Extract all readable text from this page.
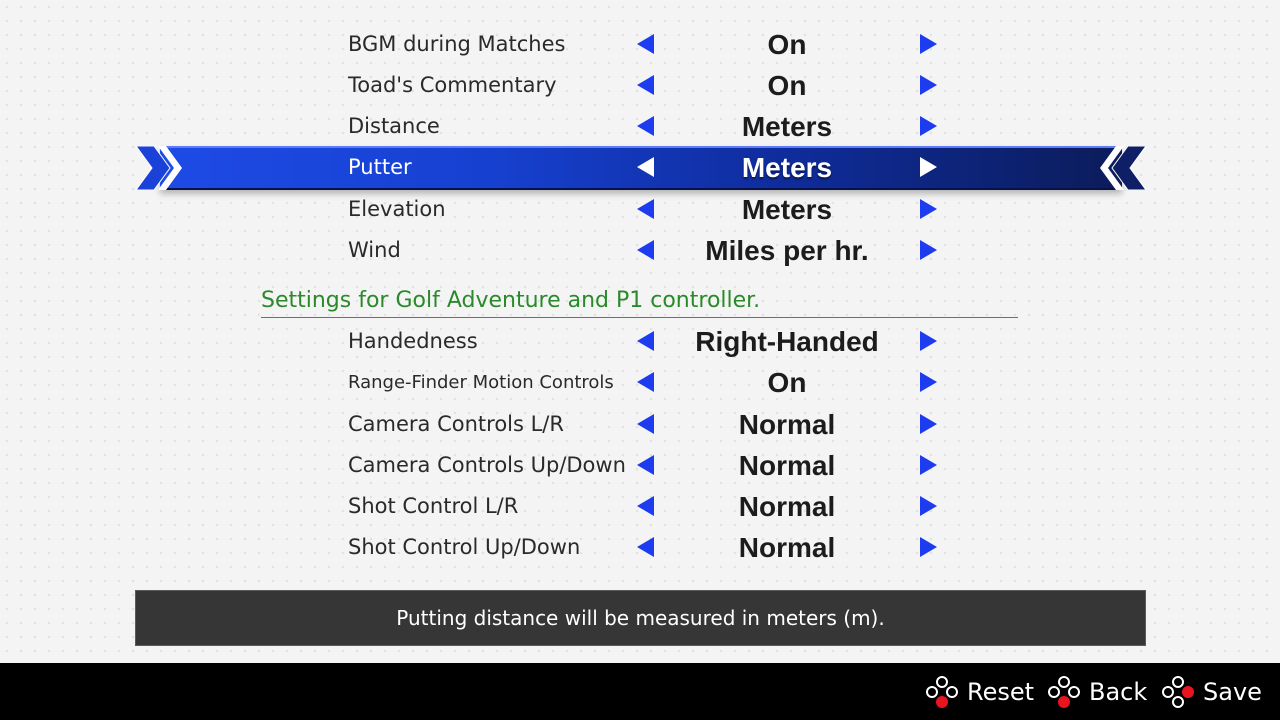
BGM during Matches	On
Toad's Commentary	On
Distance	Meters
Putter	Meters
Elevation	Meters
Wind	Miles per hr.
Settings for Golf Adventure and P1 controller.
Handedness	Right-Handed
Range-Finder Motion Controls	On
Camera Controls L/R	Normal
Camera Controls Up/Down	Normal
Shot Control L/R	Normal
Shot Control Up/Down	Normal
Putting distance will be measured in meters (m).
Reset Back Save
